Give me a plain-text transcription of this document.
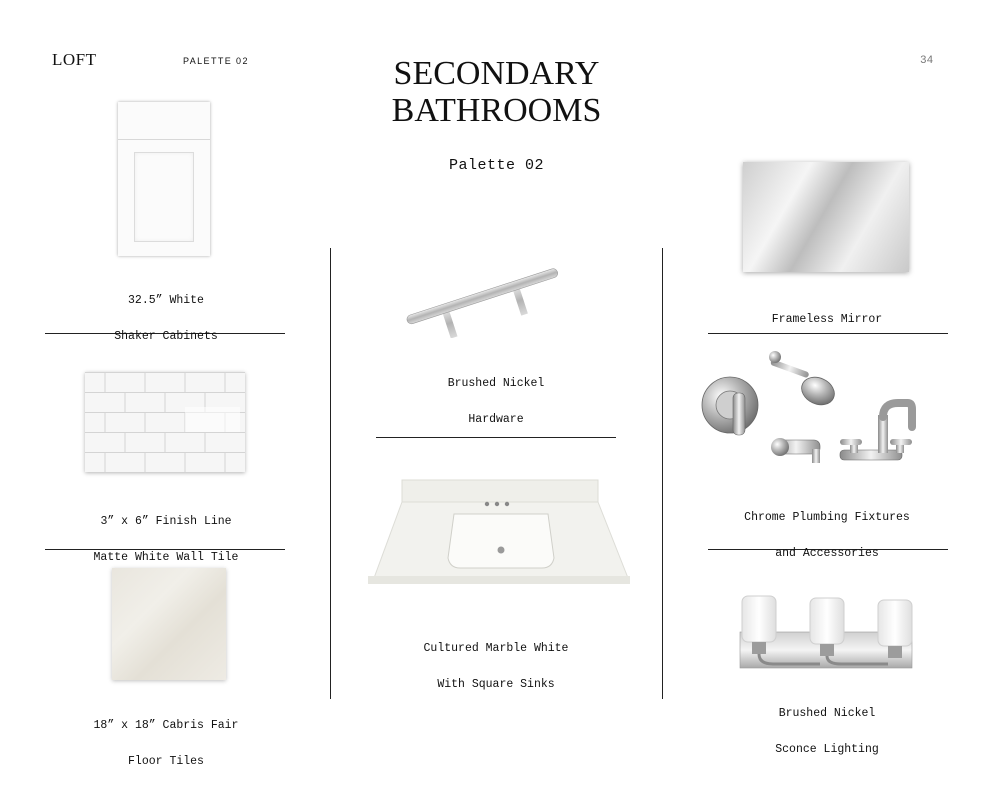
LOFT	PALETTE 02	34
SECONDARY
BATHROOMS
Palette 02

32.5” White

Shaker Cabinets

3” x 6” Finish Line

Matte White Wall Tile

18” x 18” Cabris Fair

Floor Tiles

Brushed Nickel

Hardware

Cultured Marble White

With Square Sinks

Frameless Mirror

Chrome Plumbing Fixtures

and Accessories

Brushed Nickel

Sconce Lighting
